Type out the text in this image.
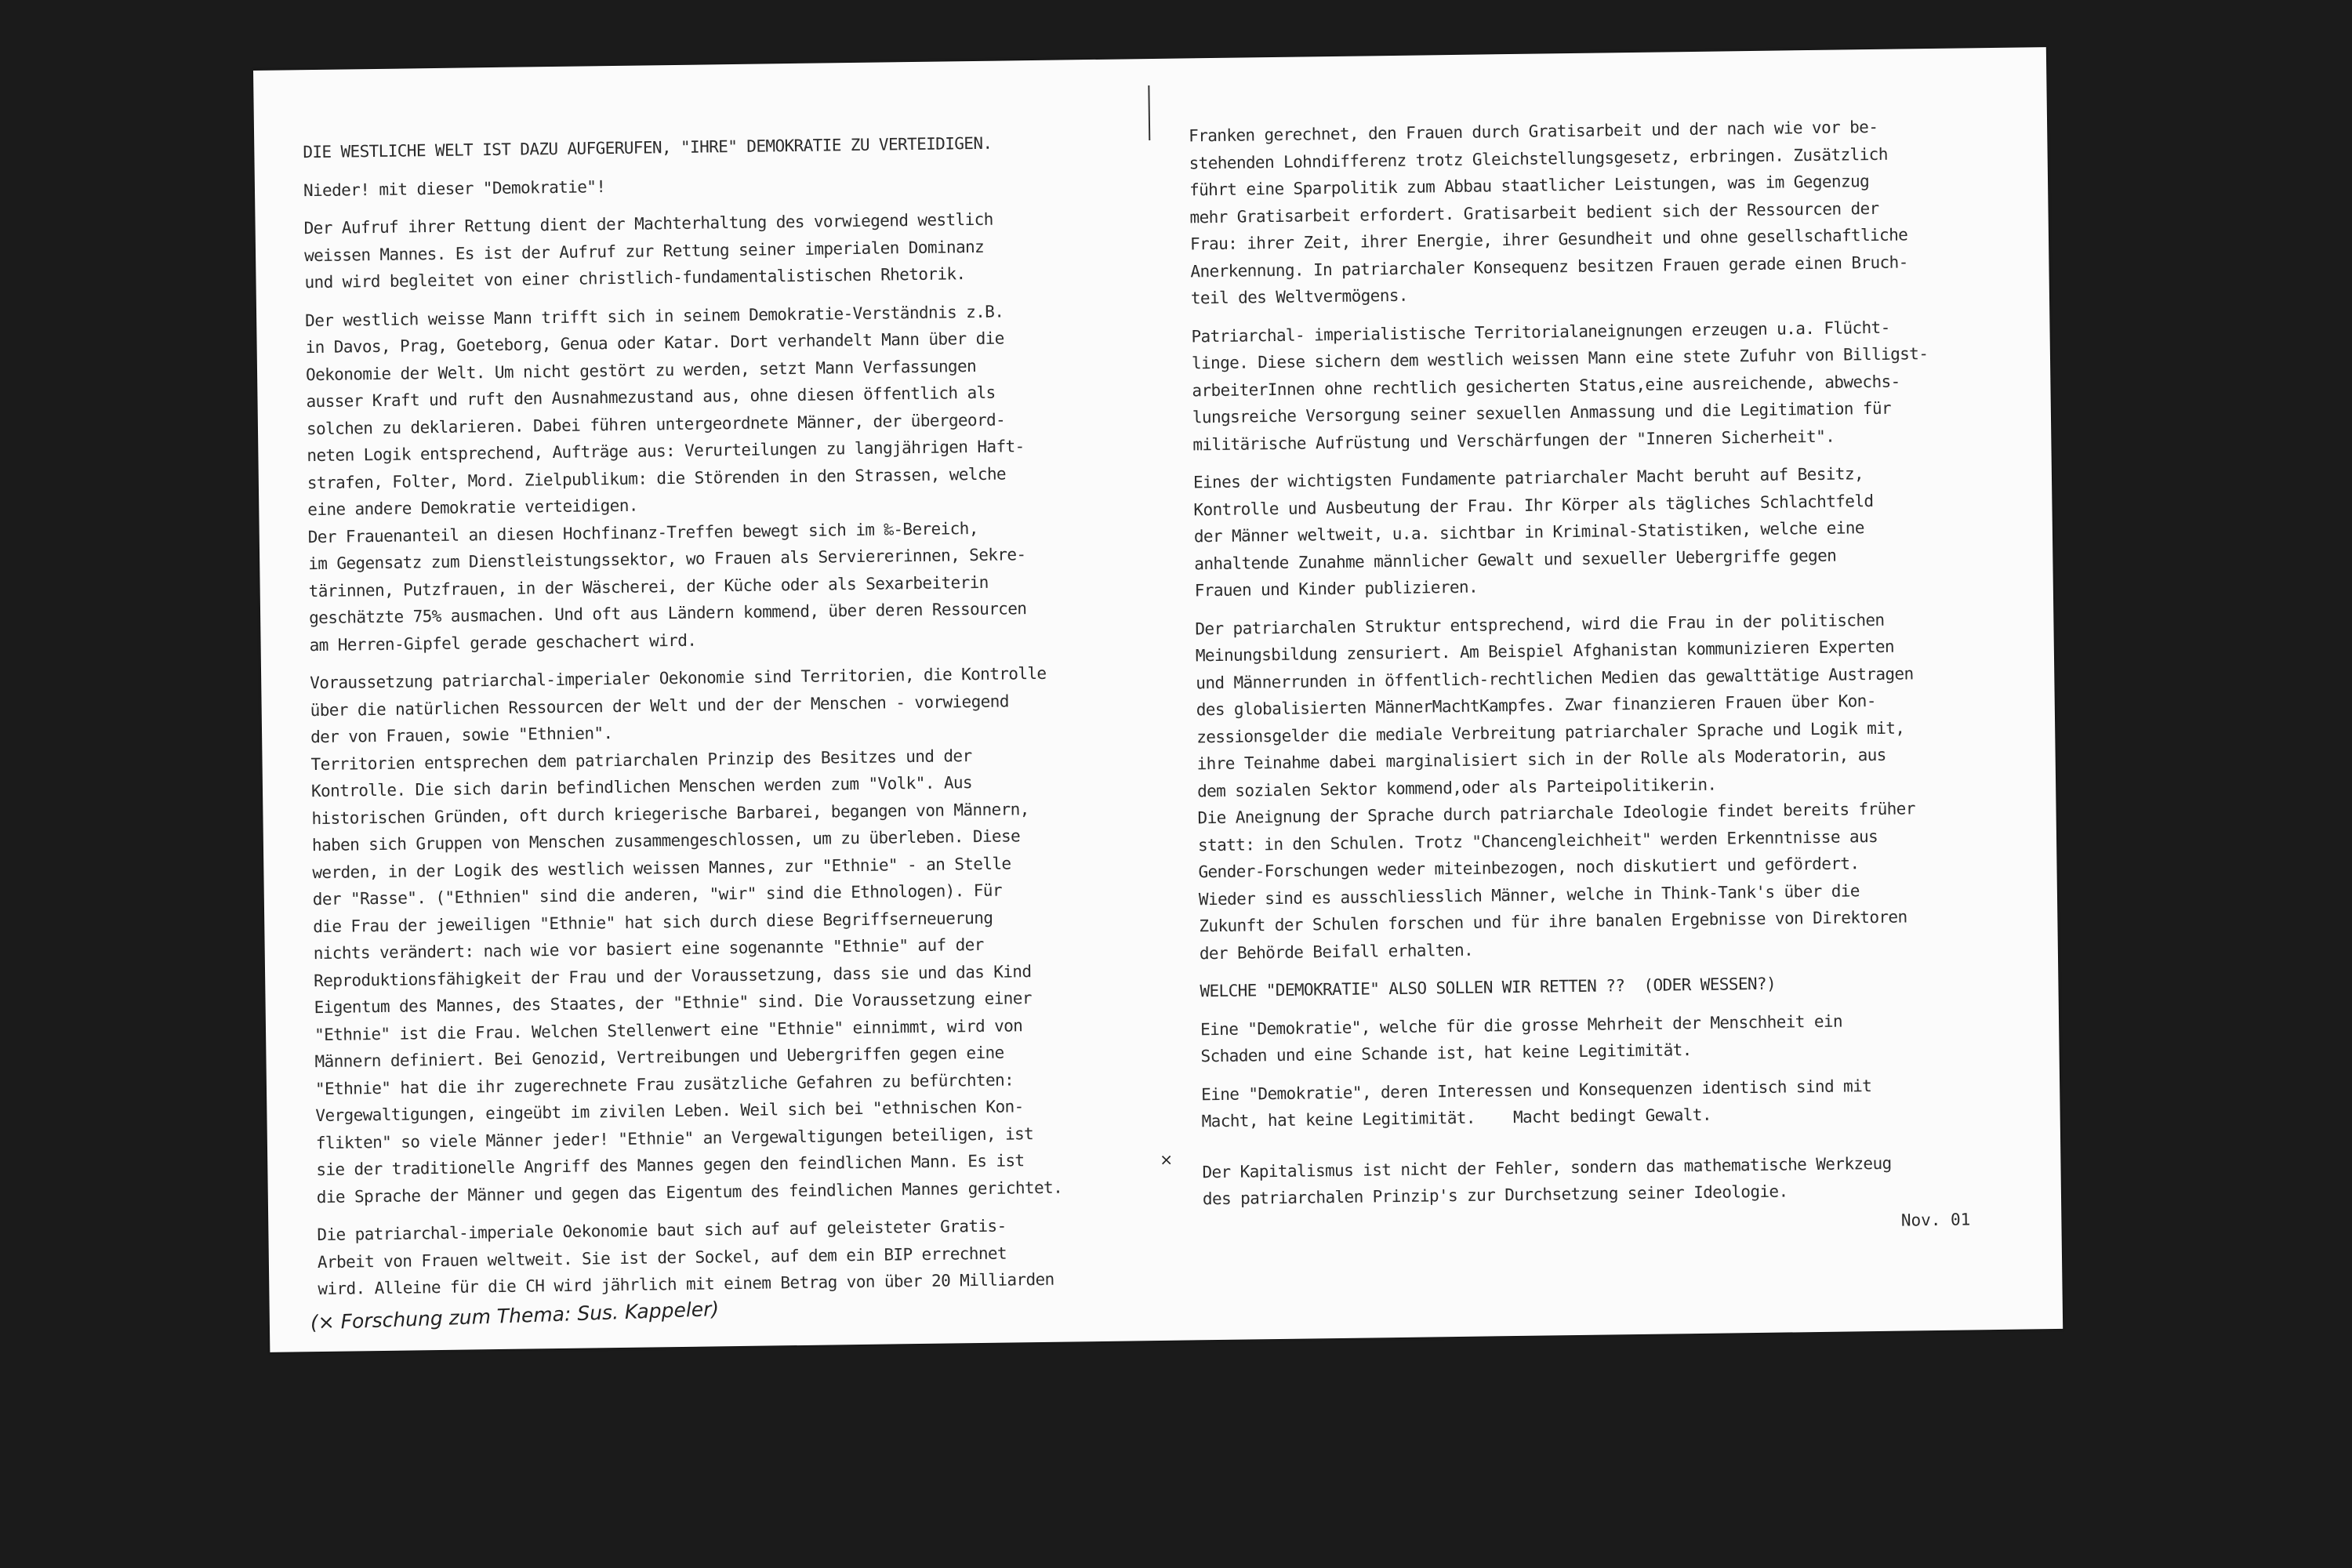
DIE WESTLICHE WELT IST DAZU AUFGERUFEN, "IHRE" DEMOKRATIE ZU VERTEIDIGEN.

Nieder! mit dieser "Demokratie"!

Der Aufruf ihrer Rettung dient der Machterhaltung des vorwiegend westlich
weissen Mannes. Es ist der Aufruf zur Rettung seiner imperialen Dominanz
und wird begleitet von einer christlich-fundamentalistischen Rhetorik.

Der westlich weisse Mann trifft sich in seinem Demokratie-Verständnis z.B.
in Davos, Prag, Goeteborg, Genua oder Katar. Dort verhandelt Mann über die
Oekonomie der Welt. Um nicht gestört zu werden, setzt Mann Verfassungen
ausser Kraft und ruft den Ausnahmezustand aus, ohne diesen öffentlich als
solchen zu deklarieren. Dabei führen untergeordnete Männer, der übergeord-
neten Logik entsprechend, Aufträge aus: Verurteilungen zu langjährigen Haft-
strafen, Folter, Mord. Zielpublikum: die Störenden in den Strassen, welche
eine andere Demokratie verteidigen.

Der Frauenanteil an diesen Hochfinanz-Treffen bewegt sich im ‰-Bereich,
im Gegensatz zum Dienstleistungssektor, wo Frauen als Serviererinnen, Sekre-
tärinnen, Putzfrauen, in der Wäscherei, der Küche oder als Sexarbeiterin
geschätzte 75% ausmachen. Und oft aus Ländern kommend, über deren Ressourcen
am Herren-Gipfel gerade geschachert wird.

Voraussetzung patriarchal-imperialer Oekonomie sind Territorien, die Kontrolle
über die natürlichen Ressourcen der Welt und der der Menschen - vorwiegend
der von Frauen, sowie "Ethnien".

Territorien entsprechen dem patriarchalen Prinzip des Besitzes und der
Kontrolle. Die sich darin befindlichen Menschen werden zum "Volk". Aus
historischen Gründen, oft durch kriegerische Barbarei, begangen von Männern,
haben sich Gruppen von Menschen zusammengeschlossen, um zu überleben. Diese
werden, in der Logik des westlich weissen Mannes, zur "Ethnie" - an Stelle
der "Rasse". ("Ethnien" sind die anderen, "wir" sind die Ethnologen). Für
die Frau der jeweiligen "Ethnie" hat sich durch diese Begriffserneuerung
nichts verändert: nach wie vor basiert eine sogenannte "Ethnie" auf der
Reproduktionsfähigkeit der Frau und der Voraussetzung, dass sie und das Kind
Eigentum des Mannes, des Staates, der "Ethnie" sind. Die Voraussetzung einer
"Ethnie" ist die Frau. Welchen Stellenwert eine "Ethnie" einnimmt, wird von
Männern definiert. Bei Genozid, Vertreibungen und Uebergriffen gegen eine
"Ethnie" hat die ihr zugerechnete Frau zusätzliche Gefahren zu befürchten:
Vergewaltigungen, eingeübt im zivilen Leben. Weil sich bei "ethnischen Kon-
flikten" so viele Männer jeder! "Ethnie" an Vergewaltigungen beteiligen, ist
sie der traditionelle Angriff des Mannes gegen den feindlichen Mann. Es ist
die Sprache der Männer und gegen das Eigentum des feindlichen Mannes gerichtet.

Die patriarchal-imperiale Oekonomie baut sich auf auf geleisteter Gratis-
Arbeit von Frauen weltweit. Sie ist der Sockel, auf dem ein BIP errechnet
wird. Alleine für die CH wird jährlich mit einem Betrag von über 20 Milliarden

×

Franken gerechnet, den Frauen durch Gratisarbeit und der nach wie vor be-
stehenden Lohndifferenz trotz Gleichstellungsgesetz, erbringen. Zusätzlich
führt eine Sparpolitik zum Abbau staatlicher Leistungen, was im Gegenzug
mehr Gratisarbeit erfordert. Gratisarbeit bedient sich der Ressourcen der
Frau: ihrer Zeit, ihrer Energie, ihrer Gesundheit und ohne gesellschaftliche
Anerkennung. In patriarchaler Konsequenz besitzen Frauen gerade einen Bruch-
teil des Weltvermögens.

Patriarchal- imperialistische Territorialaneignungen erzeugen u.a. Flücht-
linge. Diese sichern dem westlich weissen Mann eine stete Zufuhr von Billigst-
arbeiterInnen ohne rechtlich gesicherten Status,eine ausreichende, abwechs-
lungsreiche Versorgung seiner sexuellen Anmassung und die Legitimation für
militärische Aufrüstung und Verschärfungen der "Inneren Sicherheit".

Eines der wichtigsten Fundamente patriarchaler Macht beruht auf Besitz,
Kontrolle und Ausbeutung der Frau. Ihr Körper als tägliches Schlachtfeld
der Männer weltweit, u.a. sichtbar in Kriminal-Statistiken, welche eine
anhaltende Zunahme männlicher Gewalt und sexueller Uebergriffe gegen
Frauen und Kinder publizieren.

Der patriarchalen Struktur entsprechend, wird die Frau in der politischen
Meinungsbildung zensuriert. Am Beispiel Afghanistan kommunizieren Experten
und Männerrunden in öffentlich-rechtlichen Medien das gewalttätige Austragen
des globalisierten MännerMachtKampfes. Zwar finanzieren Frauen über Kon-
zessionsgelder die mediale Verbreitung patriarchaler Sprache und Logik mit,
ihre Teinahme dabei marginalisiert sich in der Rolle als Moderatorin, aus
dem sozialen Sektor kommend,oder als Parteipolitikerin.

Die Aneignung der Sprache durch patriarchale Ideologie findet bereits früher
statt: in den Schulen. Trotz "Chancengleichheit" werden Erkenntnisse aus
Gender-Forschungen weder miteinbezogen, noch diskutiert und gefördert.
Wieder sind es ausschliesslich Männer, welche in Think-Tank's über die
Zukunft der Schulen forschen und für ihre banalen Ergebnisse von Direktoren
der Behörde Beifall erhalten.

WELCHE "DEMOKRATIE" ALSO SOLLEN WIR RETTEN ??  (ODER WESSEN?)

Eine "Demokratie", welche für die grosse Mehrheit der Menschheit ein
Schaden und eine Schande ist, hat keine Legitimität.

Eine "Demokratie", deren Interessen und Konsequenzen identisch sind mit
Macht, hat keine Legitimität.    Macht bedingt Gewalt.

Der Kapitalismus ist nicht der Fehler, sondern das mathematische Werkzeug
des patriarchalen Prinzip's zur Durchsetzung seiner Ideologie.

Nov. 01
(× Forschung zum Thema: Sus. Kappeler)
